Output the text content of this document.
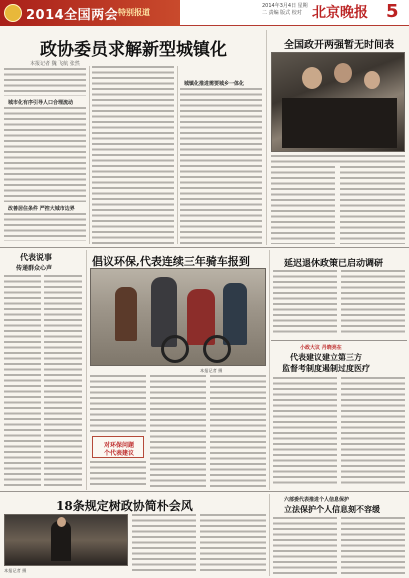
2014全国两会 特别报道
2014年3月4日 星期二 责编 版式 校对 北京晚报 5
政协委员求解新型城镇化
本报记者 魏 飞航 张然
城市化有序引导人口合理流动
改善居住条件 严控大城市边界
城镇化推进需要城乡一体化
全国政开两强暂无时间表
代表说事
传递群众心声
倡议环保,代表连续三年骑车报到
本报记者 摄
对环保问题
个代表建议
延迟退休政策已启动调研
小政大议 丹晓亮在
代表建议建立第三方
监督考制度遏制过度医疗
18条规定树政协简朴会风
本报记者 摄
六部委代表推进个人信息保护
立法保护个人信息刻不容缓
